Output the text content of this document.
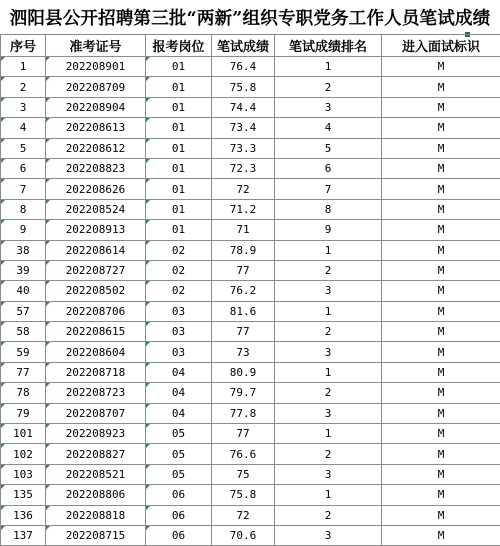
泗阳县公开招聘第三批“两新”组织专职党务工作人员笔试成绩
序号	准考证号	报考岗位	笔试成绩	笔试成绩排名	进入面试标识

1	202208901	01	76.4	1	M

2	202208709	01	75.8	2	M

3	202208904	01	74.4	3	M

4	202208613	01	73.4	4	M

5	202208612	01	73.3	5	M

6	202208823	01	72.3	6	M

7	202208626	01	72	7	M

8	202208524	01	71.2	8	M

9	202208913	01	71	9	M

38	202208614	02	78.9	1	M

39	202208727	02	77	2	M

40	202208502	02	76.2	3	M

57	202208706	03	81.6	1	M

58	202208615	03	77	2	M

59	202208604	03	73	3	M

77	202208718	04	80.9	1	M

78	202208723	04	79.7	2	M

79	202208707	04	77.8	3	M

101	202208923	05	77	1	M

102	202208827	05	76.6	2	M

103	202208521	05	75	3	M

135	202208806	06	75.8	1	M

136	202208818	06	72	2	M

137	202208715	06	70.6	3	M
